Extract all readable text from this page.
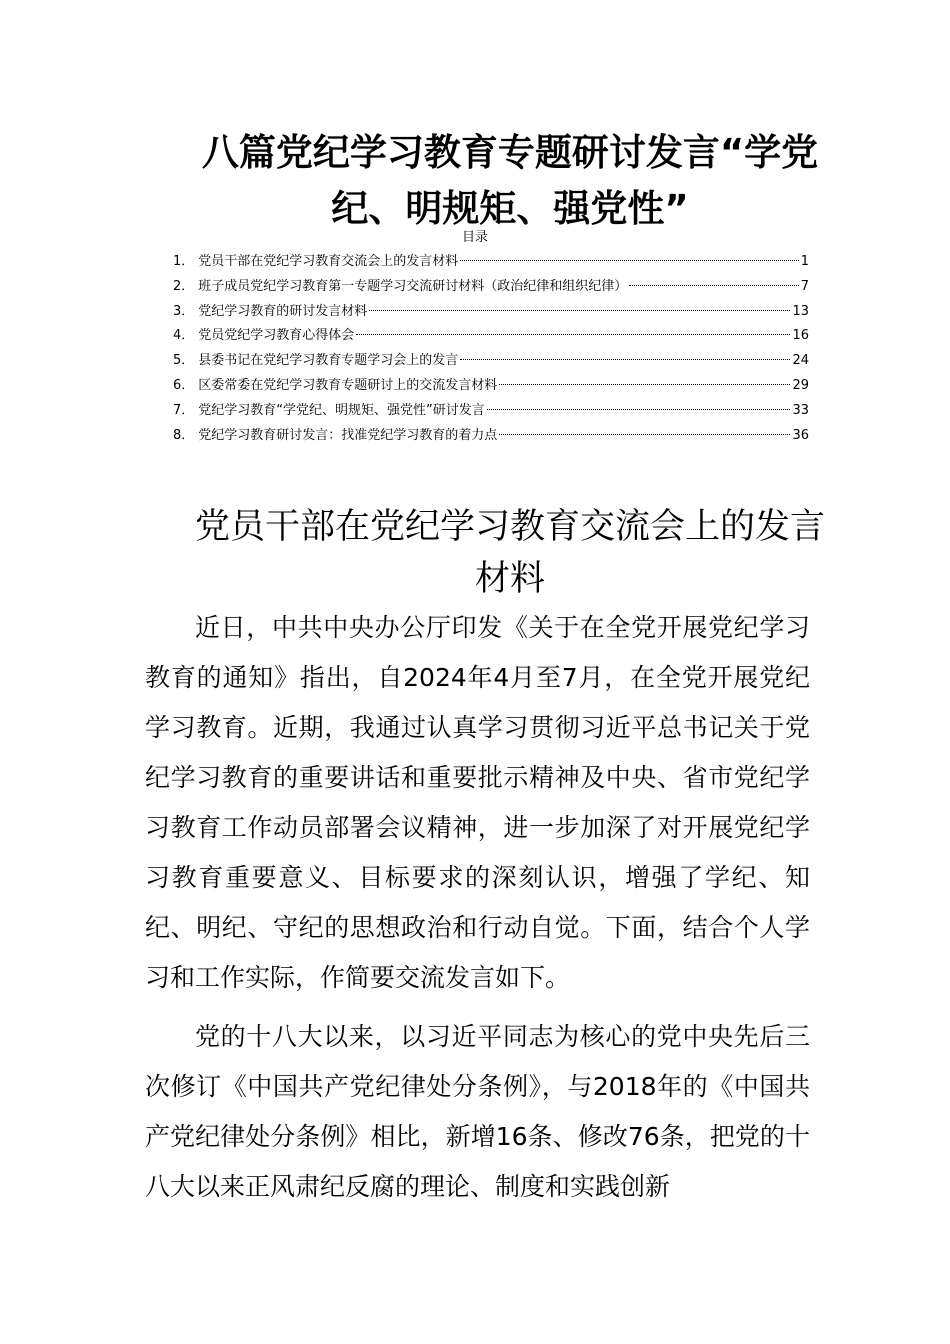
八篇党纪学习教育专题研讨发言“学党纪、明规矩、强党性”
目录
1． 党员干部在党纪学习教育交流会上的发言材料	1
2． 班子成员党纪学习教育第一专题学习交流研讨材料（政治纪律和组织纪律）	7
3． 党纪学习教育的研讨发言材料	13
4． 党员党纪学习教育心得体会	16
5． 县委书记在党纪学习教育专题学习会上的发言	24
6． 区委常委在党纪学习教育专题研讨上的交流发言材料	29
7． 党纪学习教育“学党纪、明规矩、强党性”研讨发言	33
8． 党纪学习教育研讨发言：找准党纪学习教育的着力点	36
党员干部在党纪学习教育交流会上的发言材料

近日，中共中央办公厅印发《关于在全党开展党纪学习教育的通知》指出，自2024年4月至7月，在全党开展党纪学习教育。近期，我通过认真学习贯彻习近平总书记关于党纪学习教育的重要讲话和重要批示精神及中央、省市党纪学习教育工作动员部署会议精神，进一步加深了对开展党纪学习教育重要意义、目标要求的深刻认识，增强了学纪、知纪、明纪、守纪的思想政治和行动自觉。下面，结合个人学习和工作实际，作简要交流发言如下。

党的十八大以来，以习近平同志为核心的党中央先后三次修订《中国共产党纪律处分条例》，与2018年的《中国共产党纪律处分条例》相比，新增16条、修改76条，把党的十八大以来正风肃纪反腐的理论、制度和实践创新
